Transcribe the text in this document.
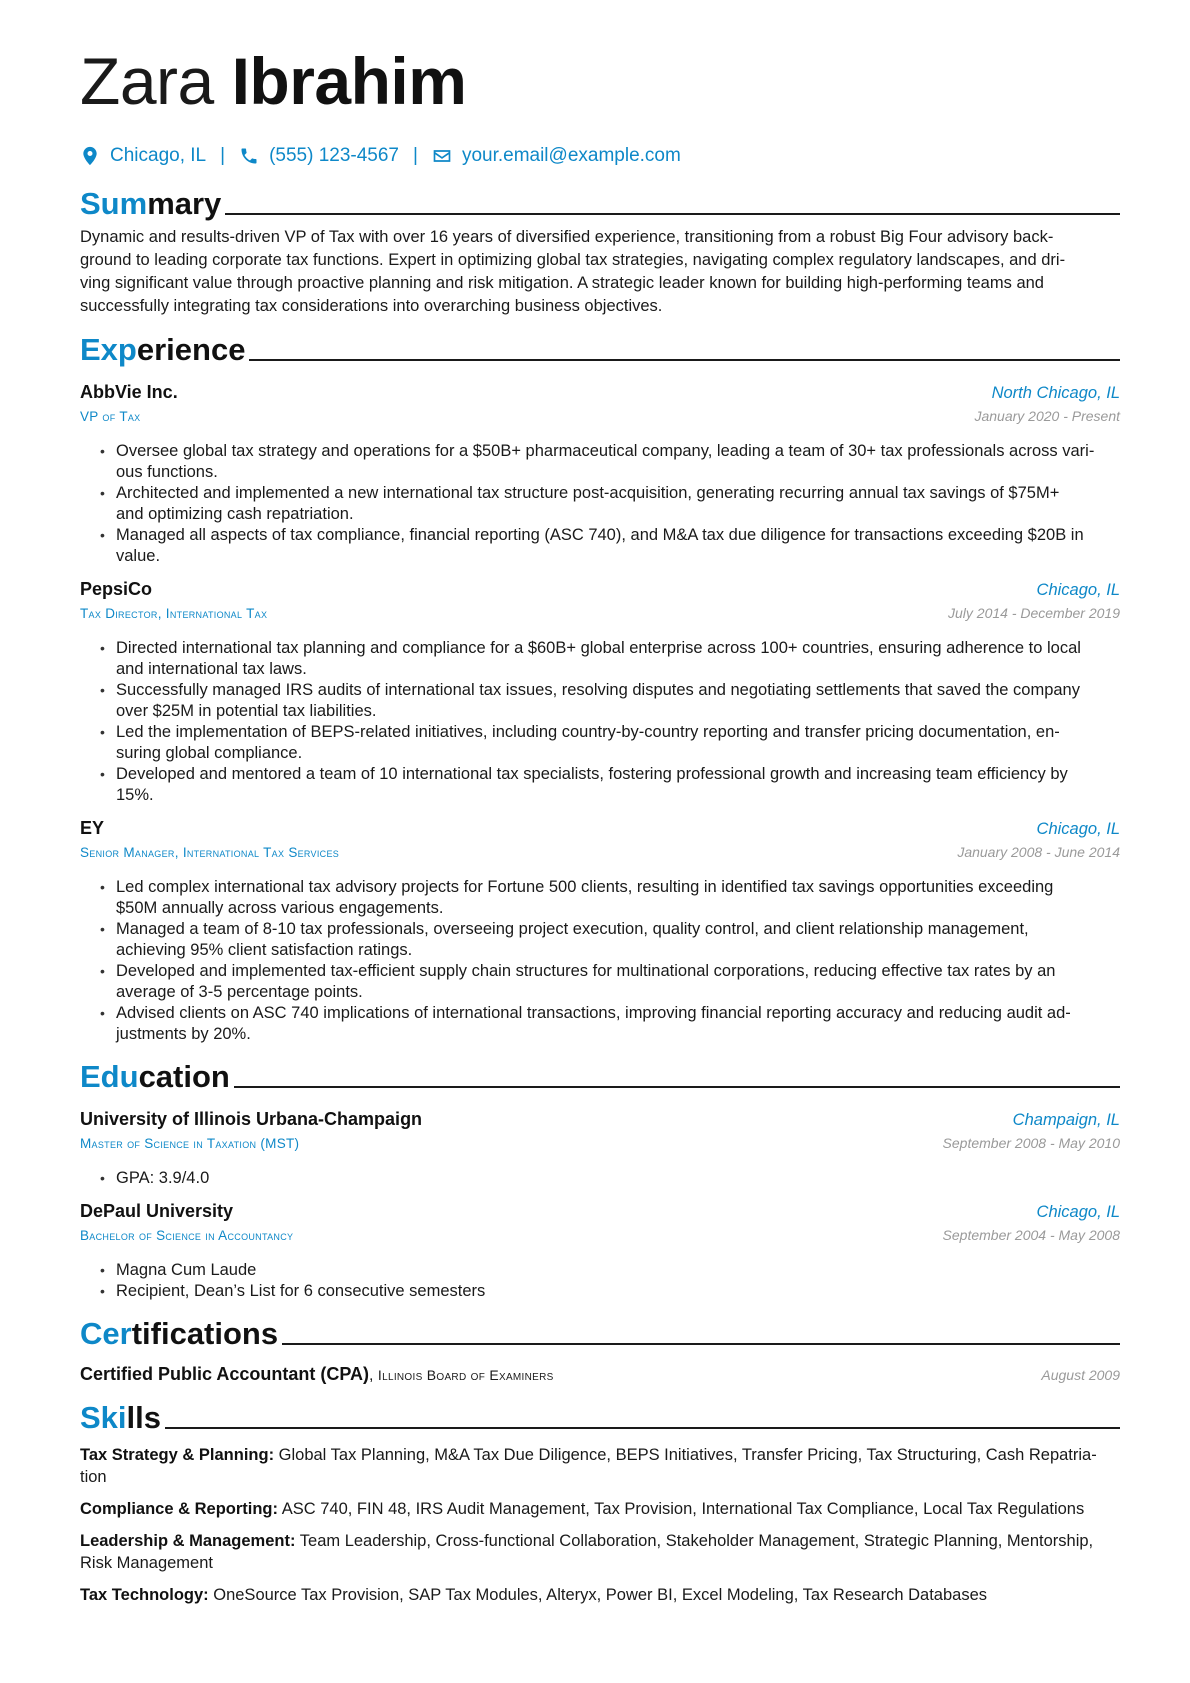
Zara Ibrahim
Chicago, IL | (555) 123-4567 | your.email@example.com
Summary
Dynamic and results-driven VP of Tax with over 16 years of diversified experience, transitioning from a robust Big Four advisory back-
ground to leading corporate tax functions. Expert in optimizing global tax strategies, navigating complex regulatory landscapes, and dri-
ving significant value through proactive planning and risk mitigation. A strategic leader known for building high-performing teams and
successfully integrating tax considerations into overarching business objectives.
Experience
AbbVie Inc.	North Chicago, IL
VP of Tax	January 2020 - Present
• Oversee global tax strategy and operations for a $50B+ pharmaceutical company, leading a team of 30+ tax professionals across vari-
ous functions.
• Architected and implemented a new international tax structure post-acquisition, generating recurring annual tax savings of $75M+
and optimizing cash repatriation.
• Managed all aspects of tax compliance, financial reporting (ASC 740), and M&A tax due diligence for transactions exceeding $20B in
value.
PepsiCo	Chicago, IL
Tax Director, International Tax	July 2014 - December 2019
• Directed international tax planning and compliance for a $60B+ global enterprise across 100+ countries, ensuring adherence to local
and international tax laws.
• Successfully managed IRS audits of international tax issues, resolving disputes and negotiating settlements that saved the company
over $25M in potential tax liabilities.
• Led the implementation of BEPS-related initiatives, including country-by-country reporting and transfer pricing documentation, en-
suring global compliance.
• Developed and mentored a team of 10 international tax specialists, fostering professional growth and increasing team efficiency by
15%.
EY	Chicago, IL
Senior Manager, International Tax Services	January 2008 - June 2014
• Led complex international tax advisory projects for Fortune 500 clients, resulting in identified tax savings opportunities exceeding
$50M annually across various engagements.
• Managed a team of 8-10 tax professionals, overseeing project execution, quality control, and client relationship management,
achieving 95% client satisfaction ratings.
• Developed and implemented tax-efficient supply chain structures for multinational corporations, reducing effective tax rates by an
average of 3-5 percentage points.
• Advised clients on ASC 740 implications of international transactions, improving financial reporting accuracy and reducing audit ad-
justments by 20%.
Education
University of Illinois Urbana-Champaign	Champaign, IL
Master of Science in Taxation (MST)	September 2008 - May 2010
• GPA: 3.9/4.0
DePaul University	Chicago, IL
Bachelor of Science in Accountancy	September 2004 - May 2008
• Magna Cum Laude
• Recipient, Dean’s List for 6 consecutive semesters
Certifications
Certified Public Accountant (CPA), Illinois Board of Examiners	August 2009
Skills
Tax Strategy & Planning: Global Tax Planning, M&A Tax Due Diligence, BEPS Initiatives, Transfer Pricing, Tax Structuring, Cash Repatria-
tion
Compliance & Reporting: ASC 740, FIN 48, IRS Audit Management, Tax Provision, International Tax Compliance, Local Tax Regulations
Leadership & Management: Team Leadership, Cross-functional Collaboration, Stakeholder Management, Strategic Planning, Mentorship,
Risk Management
Tax Technology: OneSource Tax Provision, SAP Tax Modules, Alteryx, Power BI, Excel Modeling, Tax Research Databases
